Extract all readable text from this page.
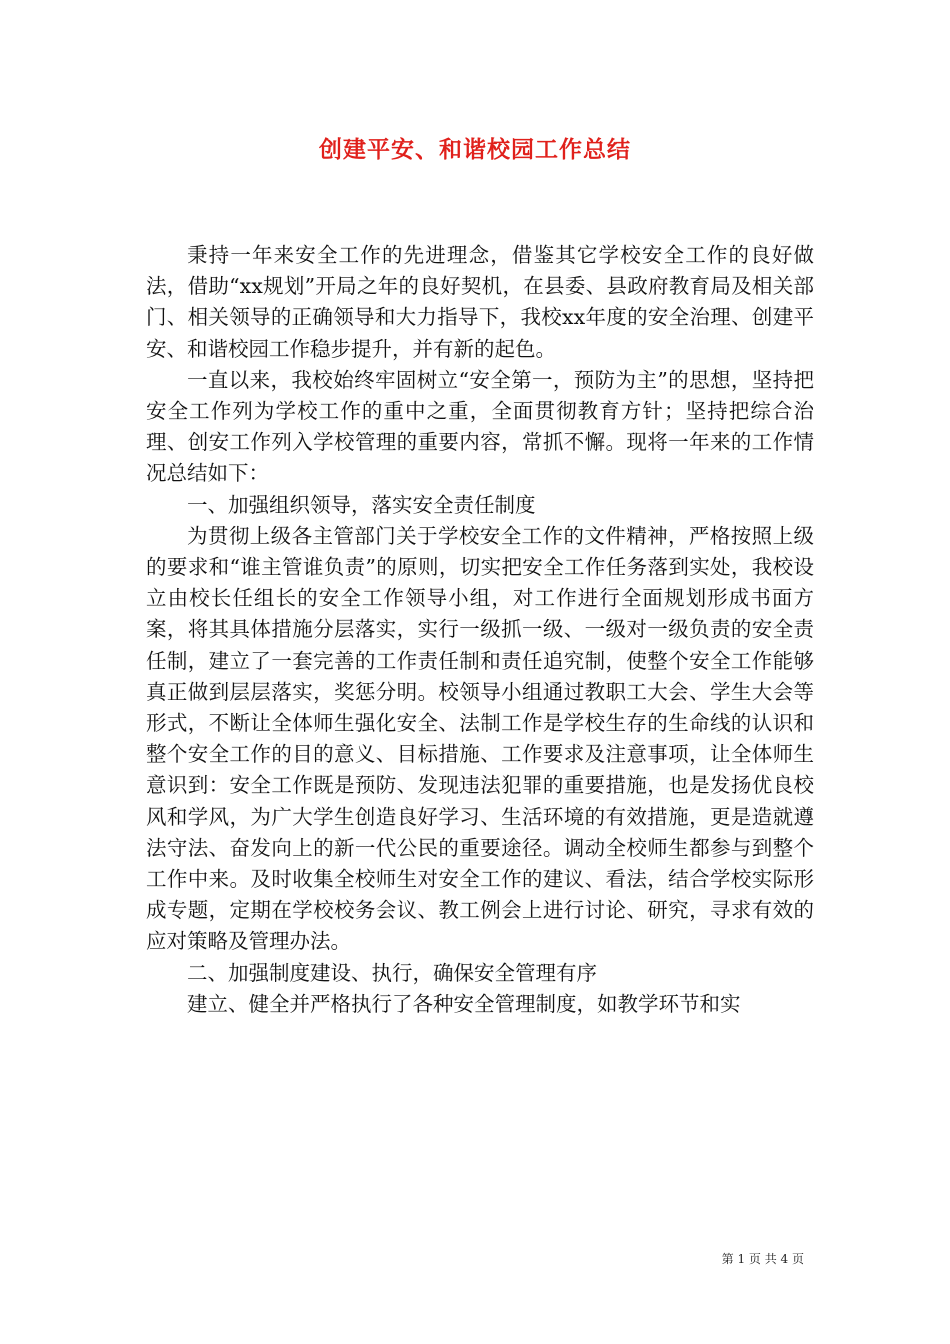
创建平安、和谐校园工作总结

秉持一年来安全工作的先进理念，借鉴其它学校安全工作的良好做法，借助“xx规划”开局之年的良好契机，在县委、县政府教育局及相关部门、相关领导的正确领导和大力指导下，我校xx年度的安全治理、创建平安、和谐校园工作稳步提升，并有新的起色。

一直以来，我校始终牢固树立“安全第一，预防为主”的思想，坚持把安全工作列为学校工作的重中之重，全面贯彻教育方针；坚持把综合治理、创安工作列入学校管理的重要内容，常抓不懈。现将一年来的工作情况总结如下：

一、加强组织领导，落实安全责任制度

为贯彻上级各主管部门关于学校安全工作的文件精神，严格按照上级的要求和“谁主管谁负责”的原则，切实把安全工作任务落到实处，我校设立由校长任组长的安全工作领导小组，对工作进行全面规划形成书面方案，将其具体措施分层落实，实行一级抓一级、一级对一级负责的安全责任制，建立了一套完善的工作责任制和责任追究制，使整个安全工作能够真正做到层层落实，奖惩分明。校领导小组通过教职工大会、学生大会等形式，不断让全体师生强化安全、法制工作是学校生存的生命线的认识和整个安全工作的目的意义、目标措施、工作要求及注意事项，让全体师生意识到：安全工作既是预防、发现违法犯罪的重要措施，也是发扬优良校风和学风，为广大学生创造良好学习、生活环境的有效措施，更是造就遵法守法、奋发向上的新一代公民的重要途径。调动全校师生都参与到整个工作中来。及时收集全校师生对安全工作的建议、看法，结合学校实际形成专题，定期在学校校务会议、教工例会上进行讨论、研究，寻求有效的应对策略及管理办法。

二、加强制度建设、执行，确保安全管理有序

建立、健全并严格执行了各种安全管理制度，如教学环节和实

第 1 页 共 4 页
